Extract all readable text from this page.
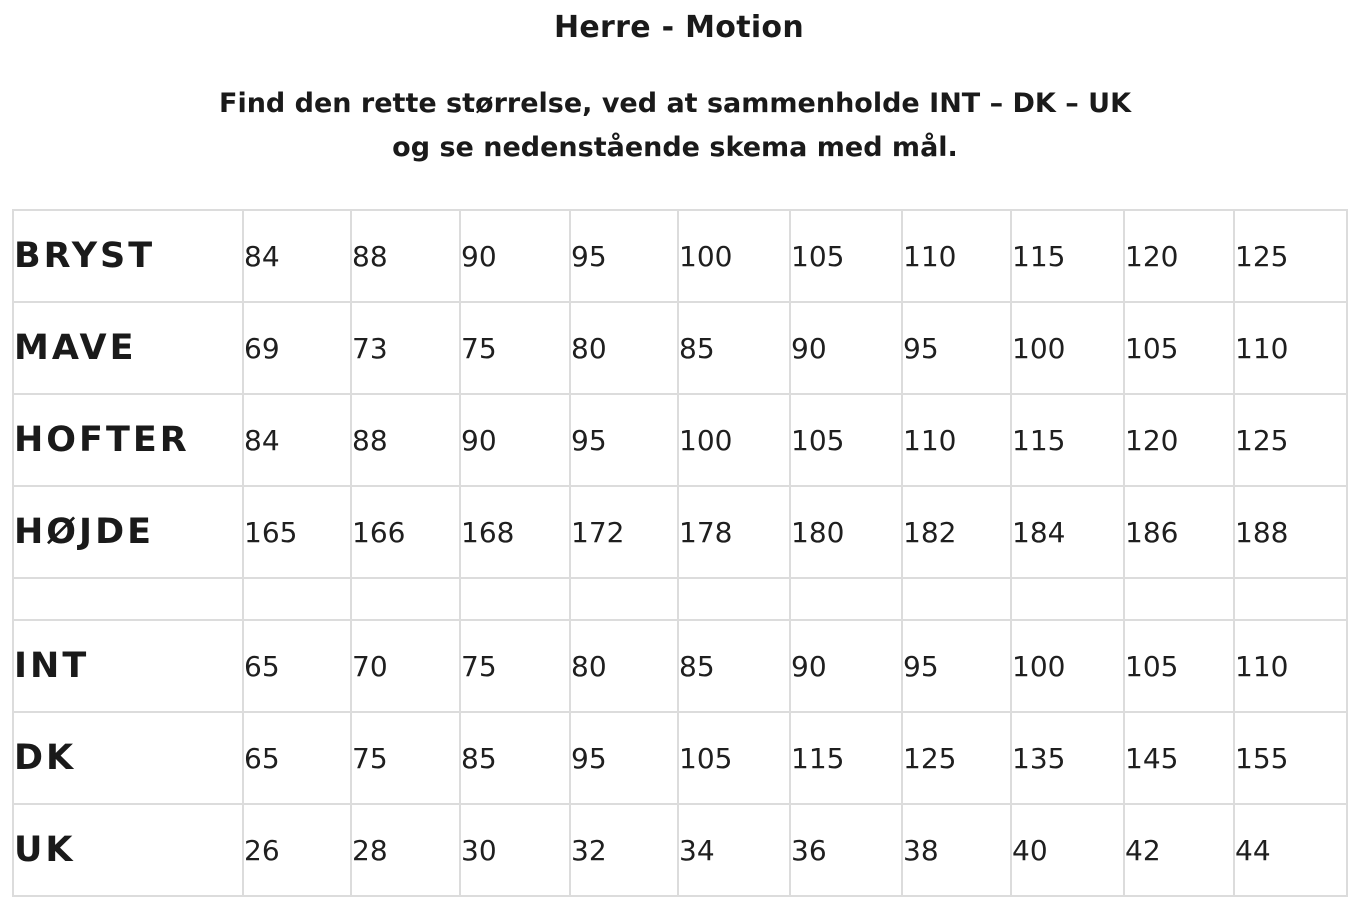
Herre - Motion
Find den rette størrelse, ved at sammenholde INT – DK – UK
og se nedenstående skema med mål.
BRYST	84	88	90	95	100	105	110	115	120	125
MAVE	69	73	75	80	85	90	95	100	105	110
HOFTER	84	88	90	95	100	105	110	115	120	125
HØJDE	165	166	168	172	178	180	182	184	186	188

INT	65	70	75	80	85	90	95	100	105	110
DK	65	75	85	95	105	115	125	135	145	155
UK	26	28	30	32	34	36	38	40	42	44
